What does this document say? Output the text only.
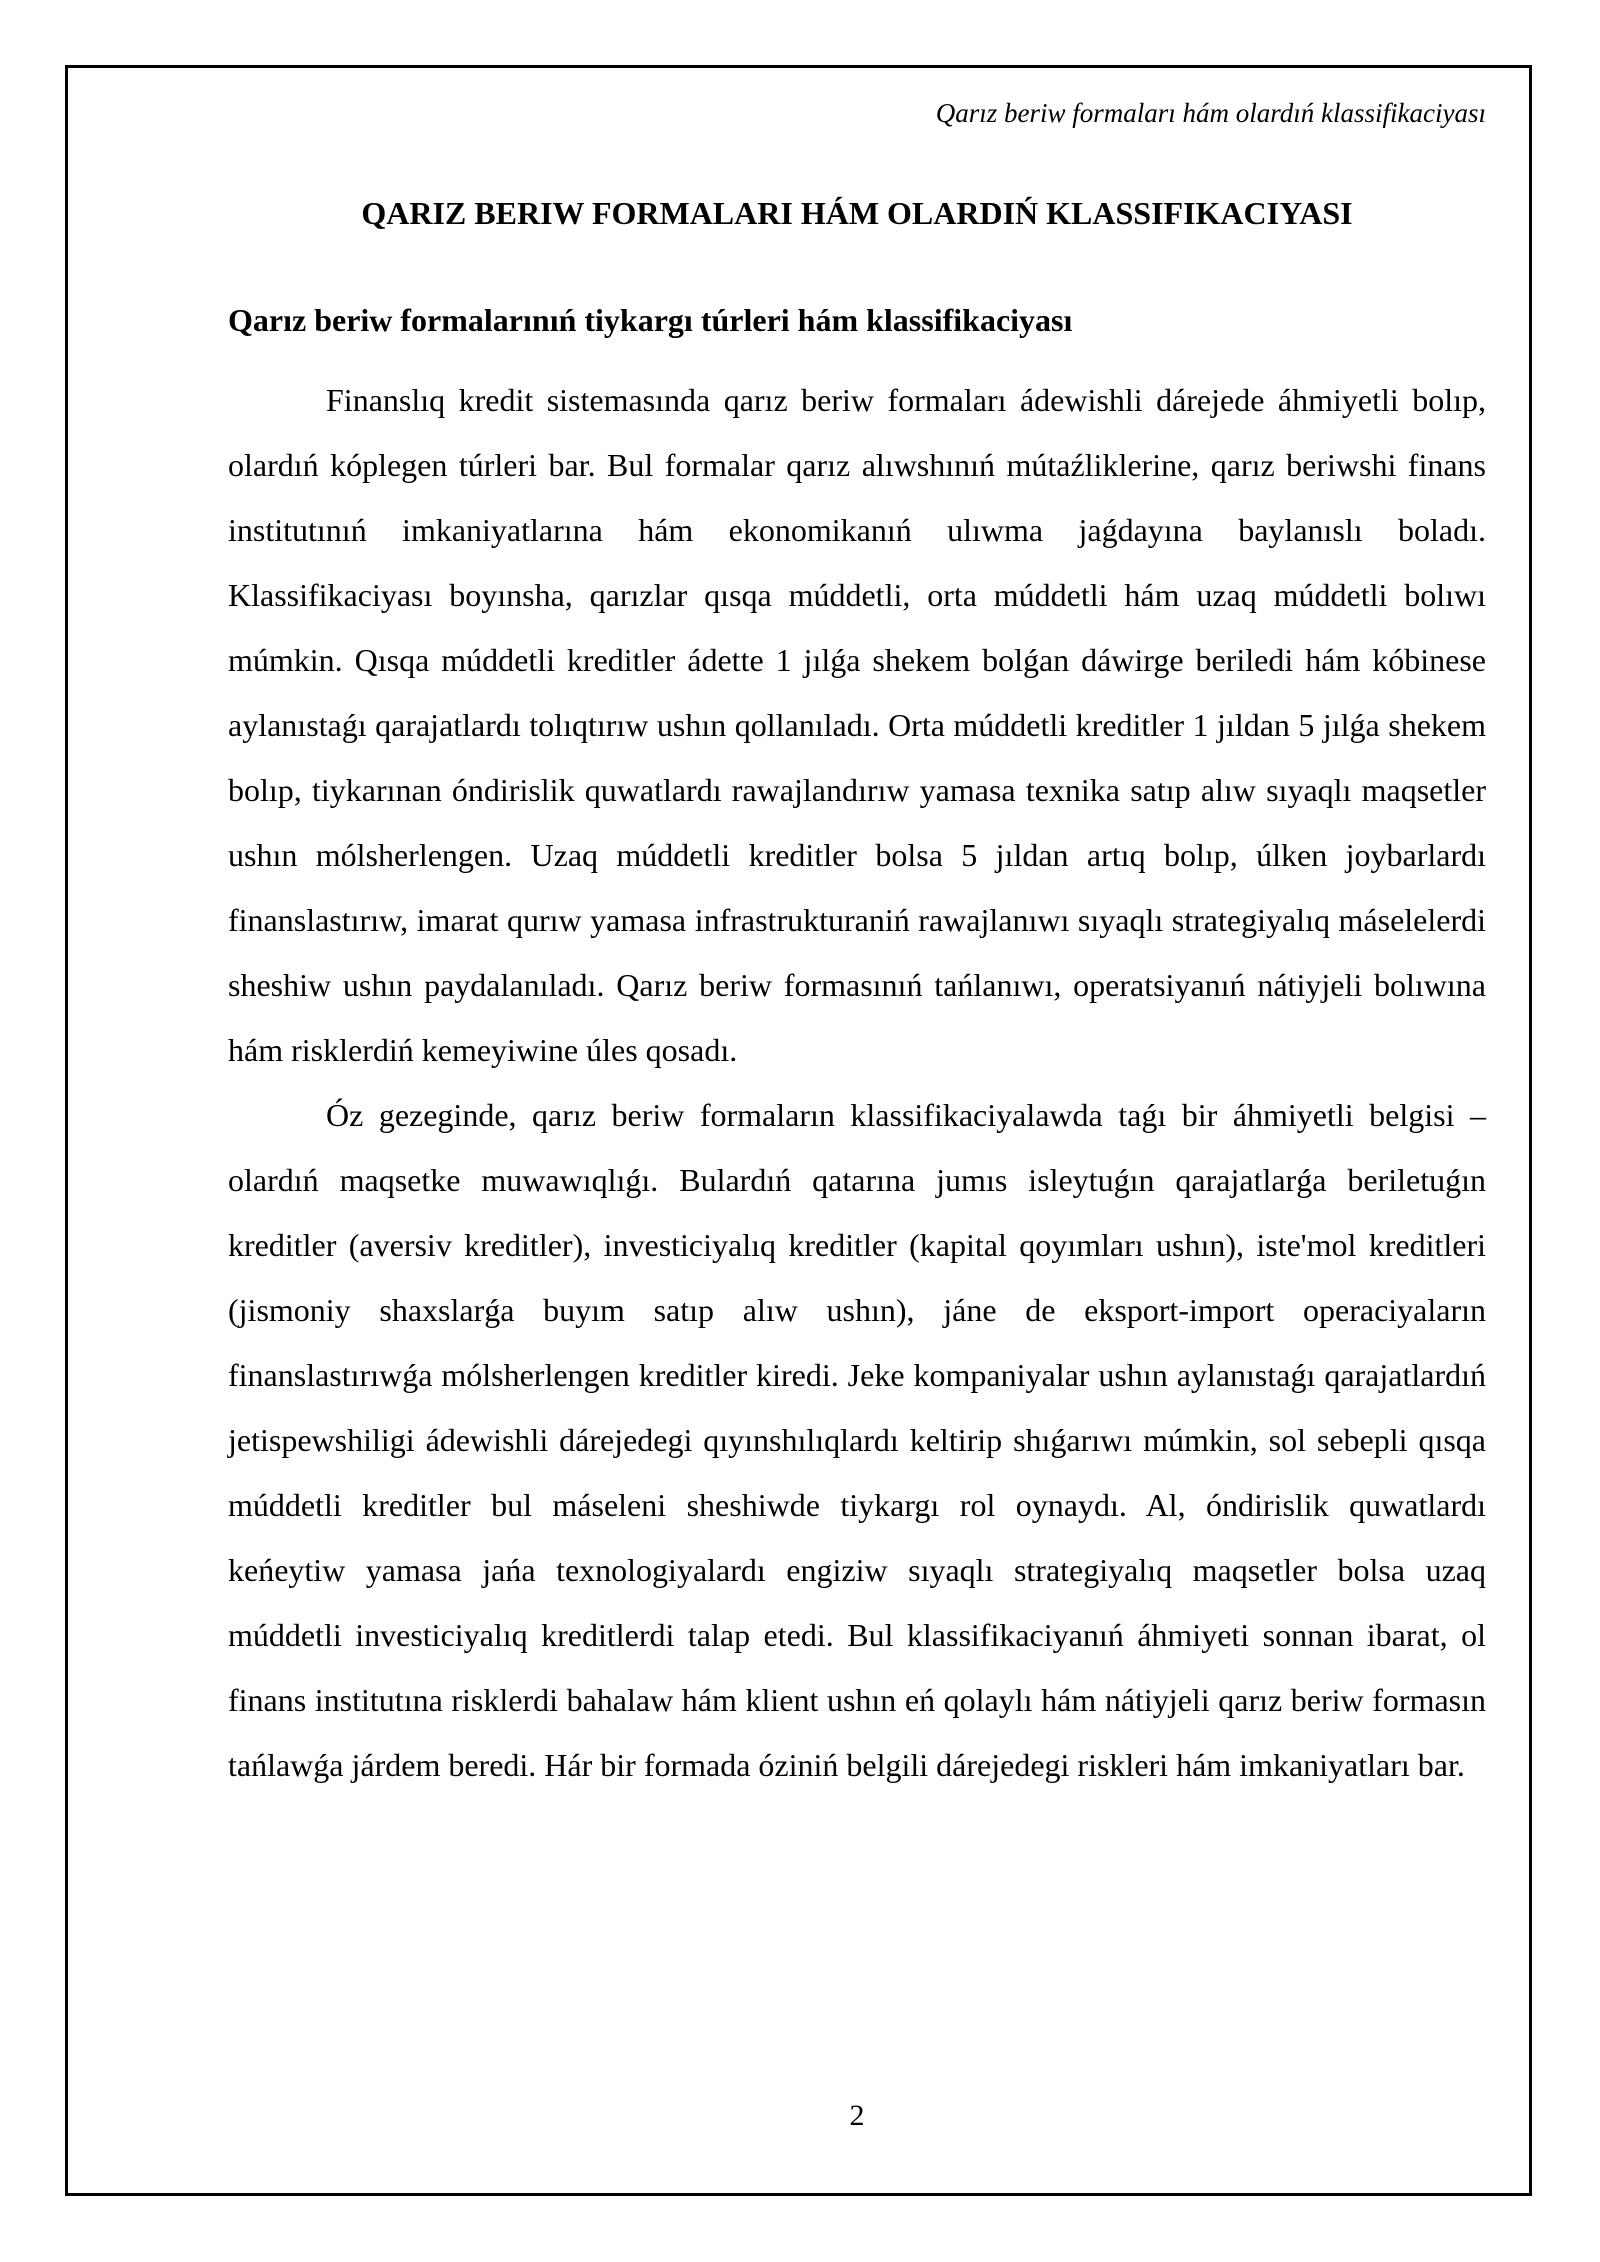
Qarız beriw formaları hám olardıń klassifikaciyası
QARIZ BERIW FORMALARI HÁM OLARDIŃ KLASSIFIKACIYASI
Qarız beriw formalarınıń tiykargı túrleri hám klassifikaciyası

Finanslıq kredit sistemasında qarız beriw formaları ádewishli dárejede áhmiyetli bolıp, olardıń kóplegen túrleri bar. Bul formalar qarız alıwshınıń mútaźliklerine, qarız beriwshi finans institutınıń imkaniyatlarına hám ekonomikanıń ulıwma jaǵdayına baylanıslı boladı. Klassifikaciyası boyınsha, qarızlar qısqa múddetli, orta múddetli hám uzaq múddetli bolıwı múmkin. Qısqa múddetli kreditler ádette 1 jılǵa shekem bolǵan dáwirge beriledi hám kóbinese aylanıstaǵı qarajatlardı tolıqtırıw ushın qollanıladı. Orta múddetli kreditler 1 jıldan 5 jılǵa shekem bolıp, tiykarınan óndirislik quwatlardı rawajlandırıw yamasa texnika satıp alıw sıyaqlı maqsetler ushın mólsherlengen. Uzaq múddetli kreditler bolsa 5 jıldan artıq bolıp, úlken joybarlardı finanslastırıw, imarat qurıw yamasa infrastrukturaniń rawajlanıwı sıyaqlı strategiyalıq máselelerdi sheshiw ushın paydalanıladı. Qarız beriw formasınıń tańlanıwı, operatsiyanıń nátiyjeli bolıwına hám risklerdiń kemeyiwine úles qosadı.

Óz gezeginde, qarız beriw formaların klassifikaciyalawda taǵı bir áhmiyetli belgisi – olardıń maqsetke muwawıqlıǵı. Bulardıń qatarına jumıs isleytuǵın qarajatlarǵa beriletuǵın kreditler (aversiv kreditler), investiciyalıq kreditler (kapital qoyımları ushın), iste'mol kreditleri (jismoniy shaxslarǵa buyım satıp alıw ushın), jáne de eksport-import operaciyaların finanslastırıwǵa mólsherlengen kreditler kiredi. Jeke kompaniyalar ushın aylanıstaǵı qarajatlardıń jetispewshiligi ádewishli dárejedegi qıyınshılıqlardı keltirip shıǵarıwı múmkin, sol sebepli qısqa múddetli kreditler bul máseleni sheshiwde tiykargı rol oynaydı. Al, óndirislik quwatlardı keńeytiw yamasa jańa texnologiyalardı engiziw sıyaqlı strategiyalıq maqsetler bolsa uzaq múddetli investiciyalıq kreditlerdi talap etedi. Bul klassifikaciyanıń áhmiyeti sonnan ibarat, ol finans institutına risklerdi bahalaw hám klient ushın eń qolaylı hám nátiyjeli qarız beriw formasın tańlawǵa járdem beredi. Hár bir formada óziniń belgili dárejedegi riskleri hám imkaniyatları bar.

2
